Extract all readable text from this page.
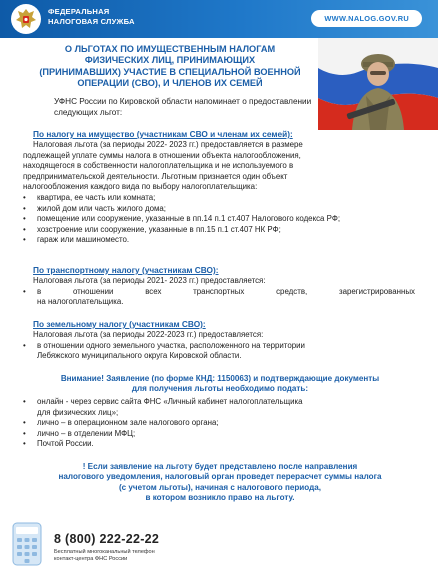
ФЕДЕРАЛЬНАЯ
НАЛОГОВАЯ СЛУЖБА	WWW.NALOG.GOV.RU
О ЛЬГОТАХ ПО ИМУЩЕСТВЕННЫМ НАЛОГАМ
ФИЗИЧЕСКИХ ЛИЦ, ПРИНИМАЮЩИХ
(ПРИНИМАВШИХ) УЧАСТИЕ В СПЕЦИАЛЬНОЙ ВОЕННОЙ
ОПЕРАЦИИ (СВО), И ЧЛЕНОВ ИХ СЕМЕЙ
УФНС России по Кировской области напоминает о предоставлении следующих льгот:
По налогу на имущество (участникам СВО и членам их семей):

Налоговая льгота (за периоды 2022- 2023 гг.) предоставляется в размере

подлежащей уплате суммы налога в отношении объекта налогообложения,

находящегося в собственности налогоплательщика и не используемого в

предпринимательской деятельности. Льготным признается один объект

налогообложения каждого вида по выбору налогоплательщика:

• квартира, ее часть или комната;
• жилой дом или часть жилого дома;
• помещение или сооружение, указанные в пп.14 п.1 ст.407 Налогового кодекса РФ;
• хозстроение или сооружение, указанные в пп.15 п.1 ст.407 НК РФ;
• гараж или машиноместо.
По транспортному налогу (участникам СВО):

Налоговая льгота (за периоды 2021- 2023 гг.) предоставляется:

• в отношении всех транспортных средств, зарегистрированных
на налогоплательщика.
По земельному налогу (участникам СВО):

Налоговая льгота (за периоды 2022-2023 гг.) предоставляется:

• в отношении одного земельного участка, расположенного на территории
Лебяжского муниципального округа Кировской области.
Внимание! Заявление (по форме КНД: 1150063) и подтверждающие документы
для получения льготы необходимо подать:
• онлайн - через сервис сайта ФНС «Личный кабинет налогоплательщика
для физических лиц»;
• лично – в операционном зале налогового органа;
• лично – в отделении МФЦ;
• Почтой России.
! Если заявление на льготу будет представлено после направления
налогового уведомления, налоговый орган проведет перерасчет суммы налога
(с учетом льготы), начиная с налогового периода,
в котором возникло право на льготу.
8 (800) 222-22-22
Бесплатный многоканальный телефон
контакт-центра ФНС России
